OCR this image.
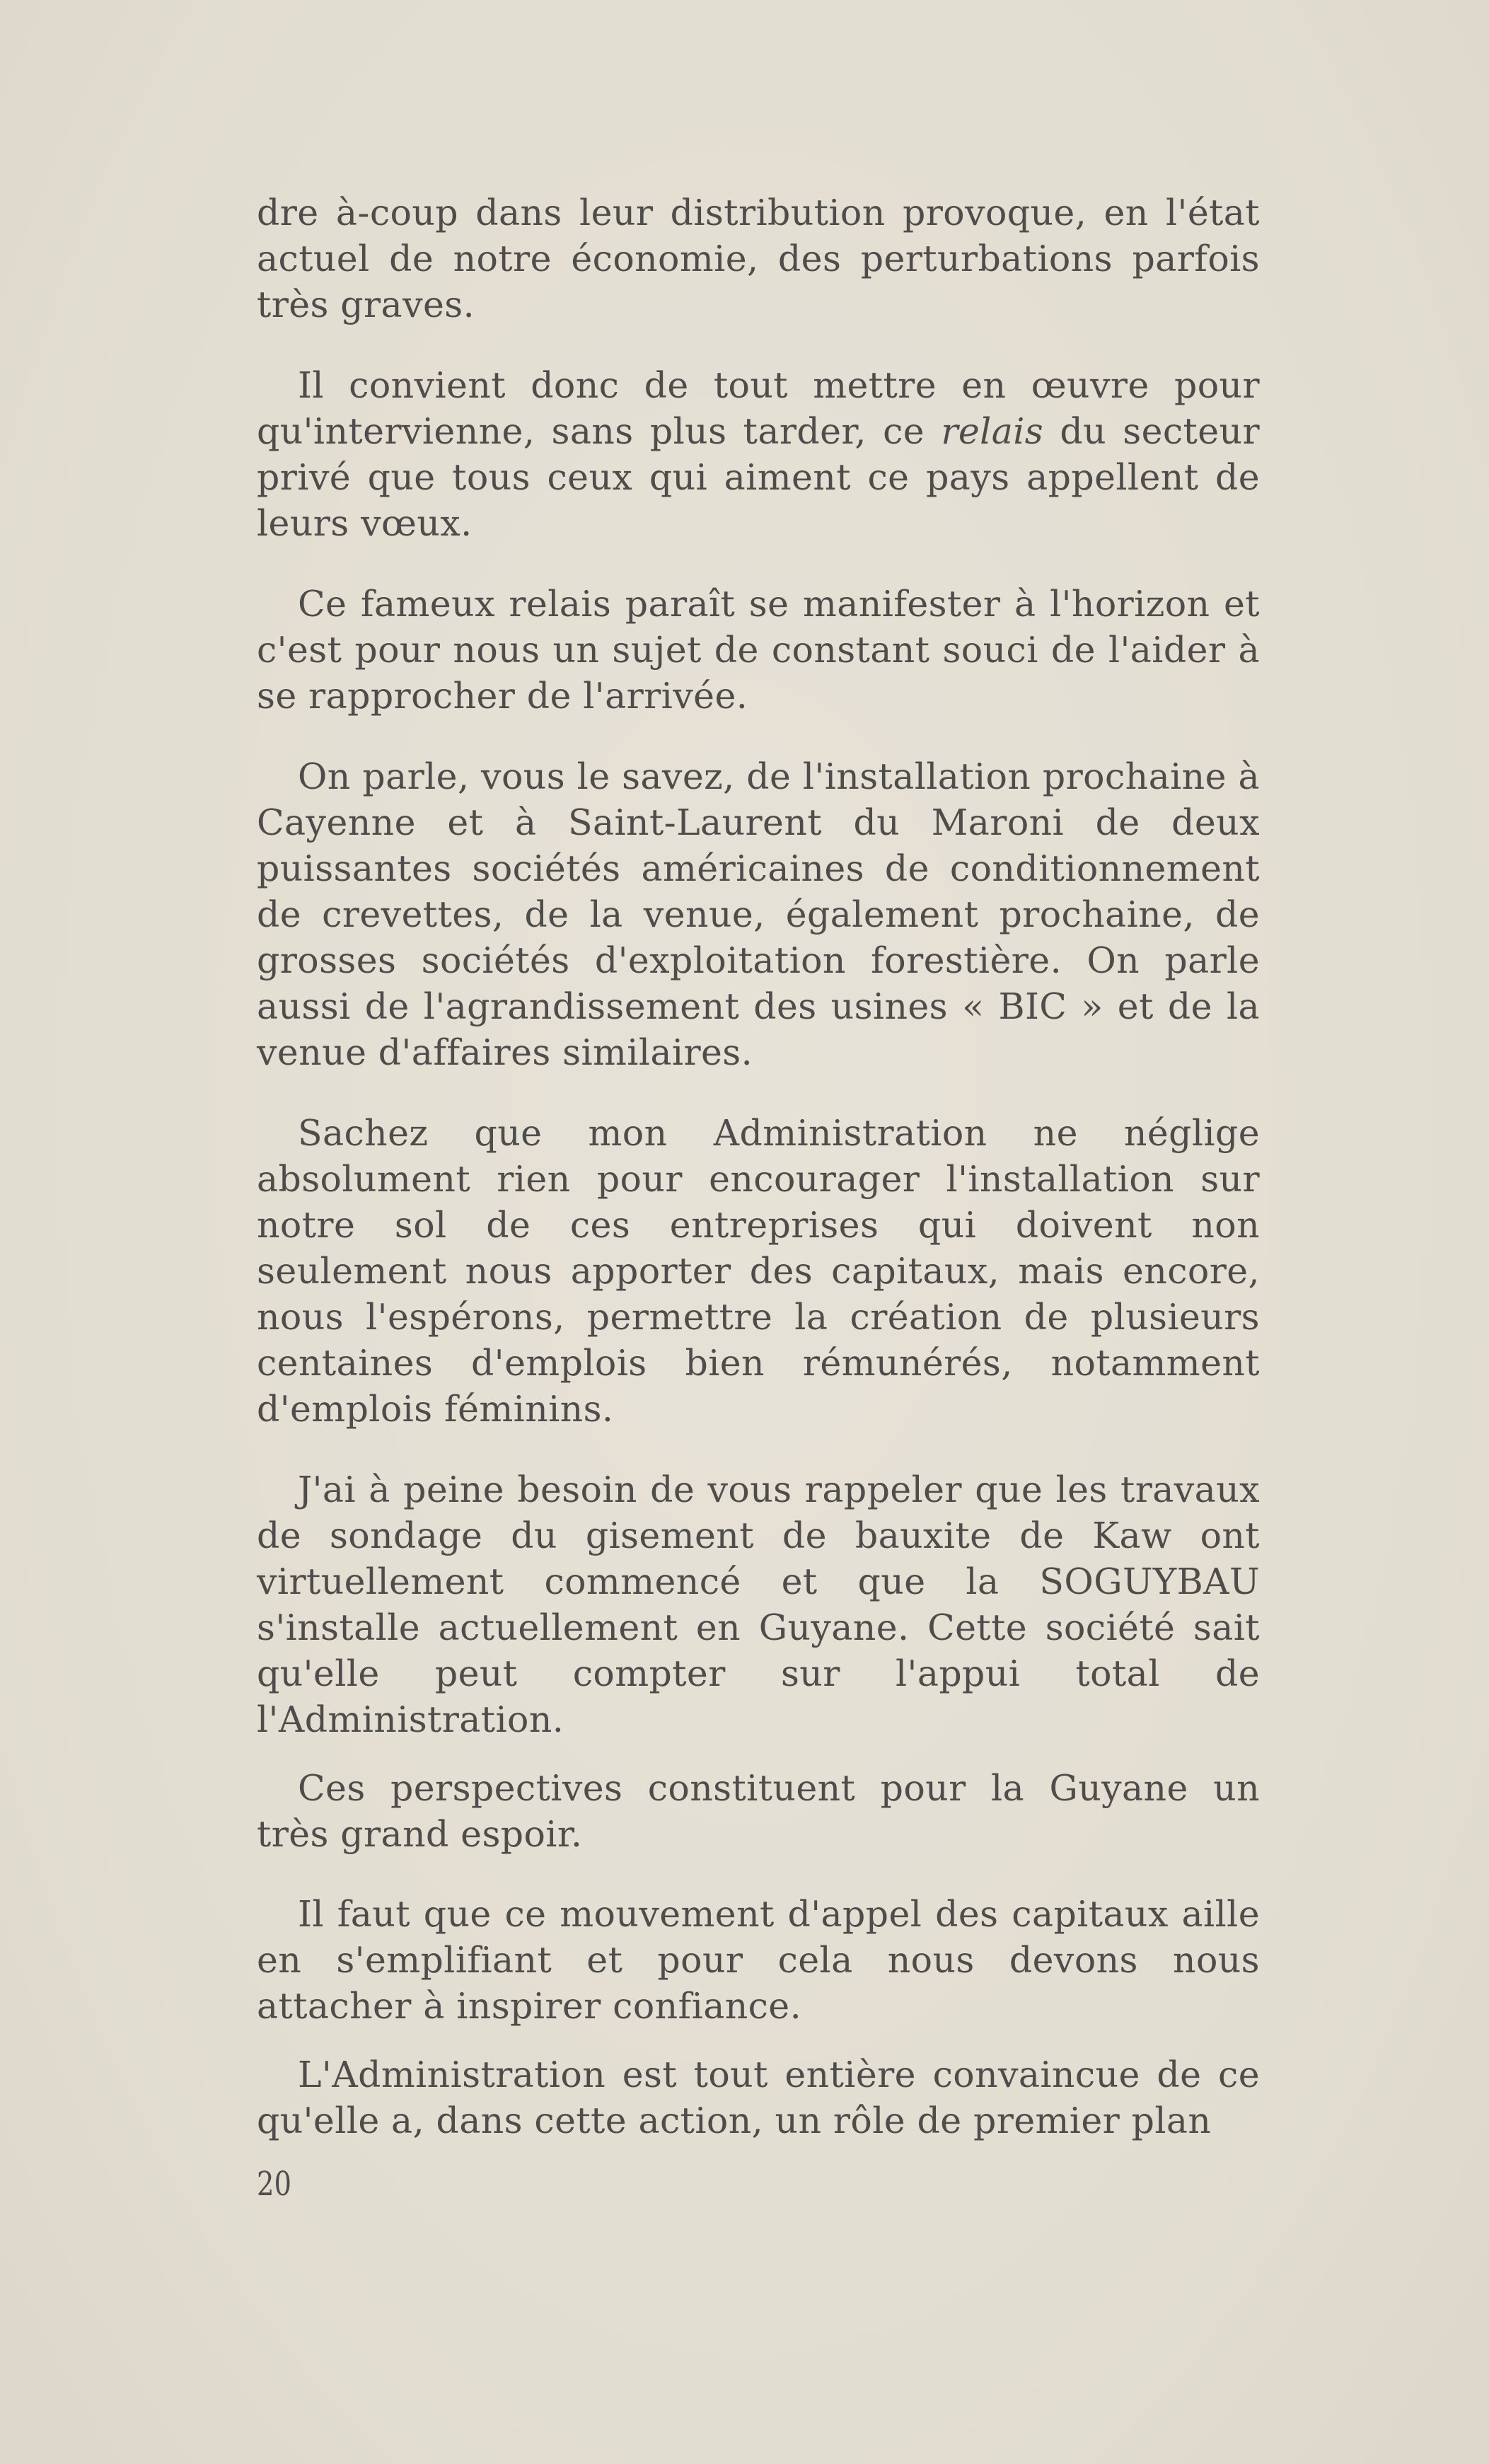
dre à-coup dans leur distribution provoque, en l'état actuel de notre économie, des perturbations parfois très graves.

Il convient donc de tout mettre en œuvre pour qu'intervienne, sans plus tarder, ce relais du secteur privé que tous ceux qui aiment ce pays appellent de leurs vœux.

Ce fameux relais paraît se manifester à l'horizon et c'est pour nous un sujet de constant souci de l'aider à se rapprocher de l'arrivée.

On parle, vous le savez, de l'installation prochaine à Cayenne et à Saint-Laurent du Maroni de deux puissantes sociétés américaines de conditionnement de crevettes, de la venue, également prochaine, de grosses sociétés d'exploitation forestière. On parle aussi de l'agrandissement des usines « BIC » et de la venue d'affaires similaires.

Sachez que mon Administration ne néglige absolument rien pour encourager l'installation sur notre sol de ces entreprises qui doivent non seulement nous apporter des capitaux, mais encore, nous l'espérons, permettre la création de plusieurs centaines d'emplois bien rémunérés, notamment d'emplois féminins.

J'ai à peine besoin de vous rappeler que les travaux de sondage du gisement de bauxite de Kaw ont virtuellement commencé et que la SOGUYBAU s'installe actuellement en Guyane. Cette société sait qu'elle peut compter sur l'appui total de l'Administration.

Ces perspectives constituent pour la Guyane un très grand espoir.

Il faut que ce mouvement d'appel des capitaux aille en s'emplifiant et pour cela nous devons nous attacher à inspirer confiance.

L'Administration est tout entière convaincue de ce qu'elle a, dans cette action, un rôle de premier plan

20
